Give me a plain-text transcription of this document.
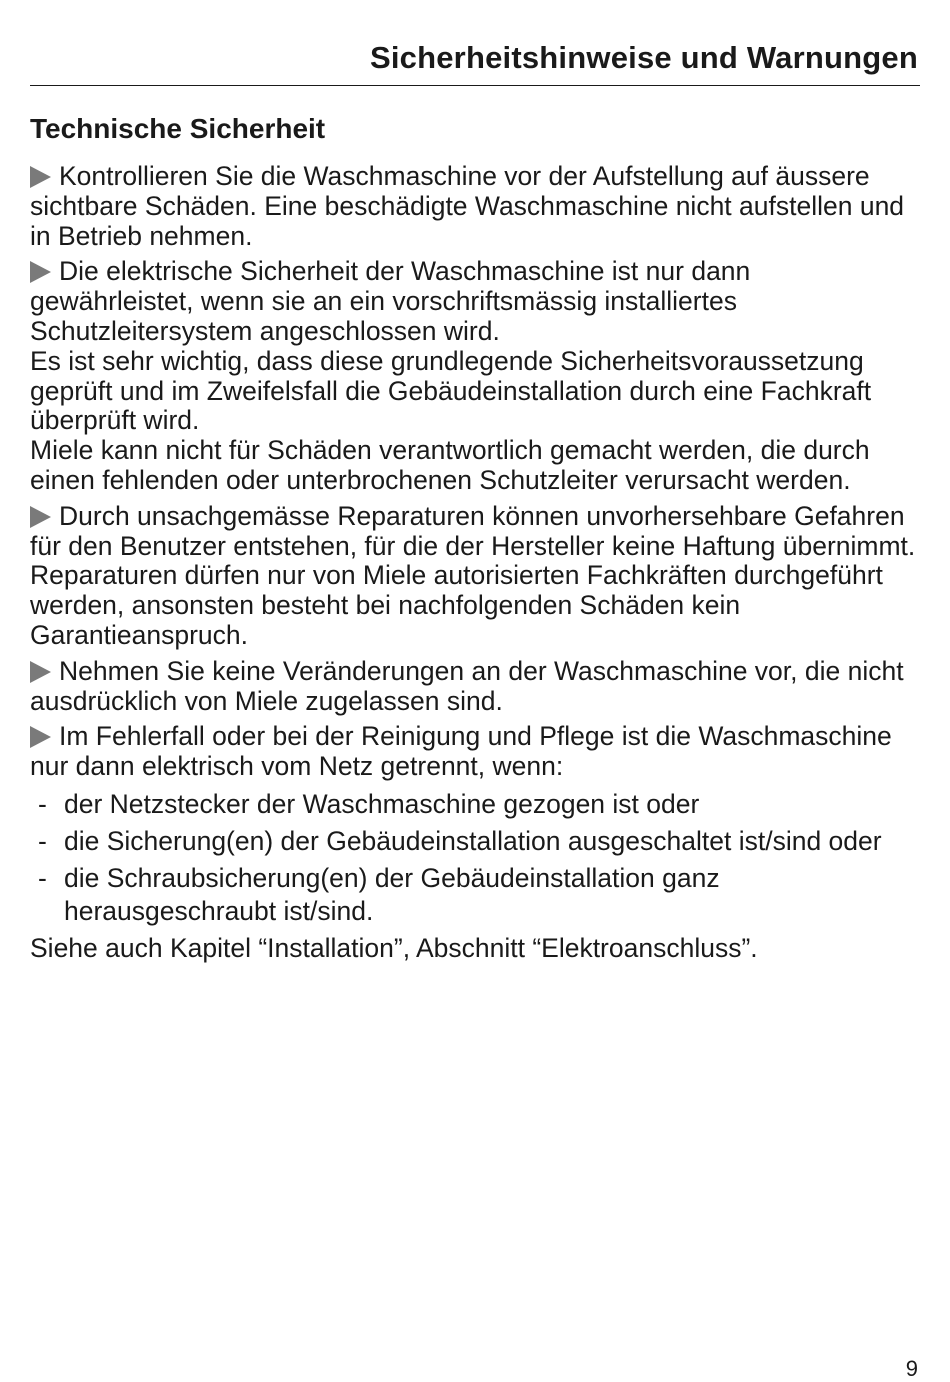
Sicherheitshinweise und Warnungen
Technische Sicherheit
Kontrollieren Sie die Waschmaschine vor der Aufstellung auf äussere sichtbare Schäden. Eine beschädigte Waschmaschine nicht aufstellen und in Betrieb nehmen.
Die elektrische Sicherheit der Waschmaschine ist nur dann gewährleistet, wenn sie an ein vorschriftsmässig installiertes Schutzleitersystem angeschlossen wird.
Es ist sehr wichtig, dass diese grundlegende Sicherheitsvoraussetzung geprüft und im Zweifelsfall die Gebäudeinstallation durch eine Fachkraft überprüft wird.
Miele kann nicht für Schäden verantwortlich gemacht werden, die durch einen fehlenden oder unterbrochenen Schutzleiter verursacht werden.
Durch unsachgemässe Reparaturen können unvorhersehbare Gefahren für den Benutzer entstehen, für die der Hersteller keine Haftung übernimmt. Reparaturen dürfen nur von Miele autorisierten Fachkräften durchgeführt werden, ansonsten besteht bei nachfolgenden Schäden kein Garantieanspruch.
Nehmen Sie keine Veränderungen an der Waschmaschine vor, die nicht ausdrücklich von Miele zugelassen sind.
Im Fehlerfall oder bei der Reinigung und Pflege ist die Waschmaschine nur dann elektrisch vom Netz getrennt, wenn:
- der Netzstecker der Waschmaschine gezogen ist oder
- die Sicherung(en) der Gebäudeinstallation ausgeschaltet ist/sind oder
- die Schraubsicherung(en) der Gebäudeinstallation ganz herausgeschraubt ist/sind.
Siehe auch Kapitel “Installation”, Abschnitt “Elektroanschluss”.
9
